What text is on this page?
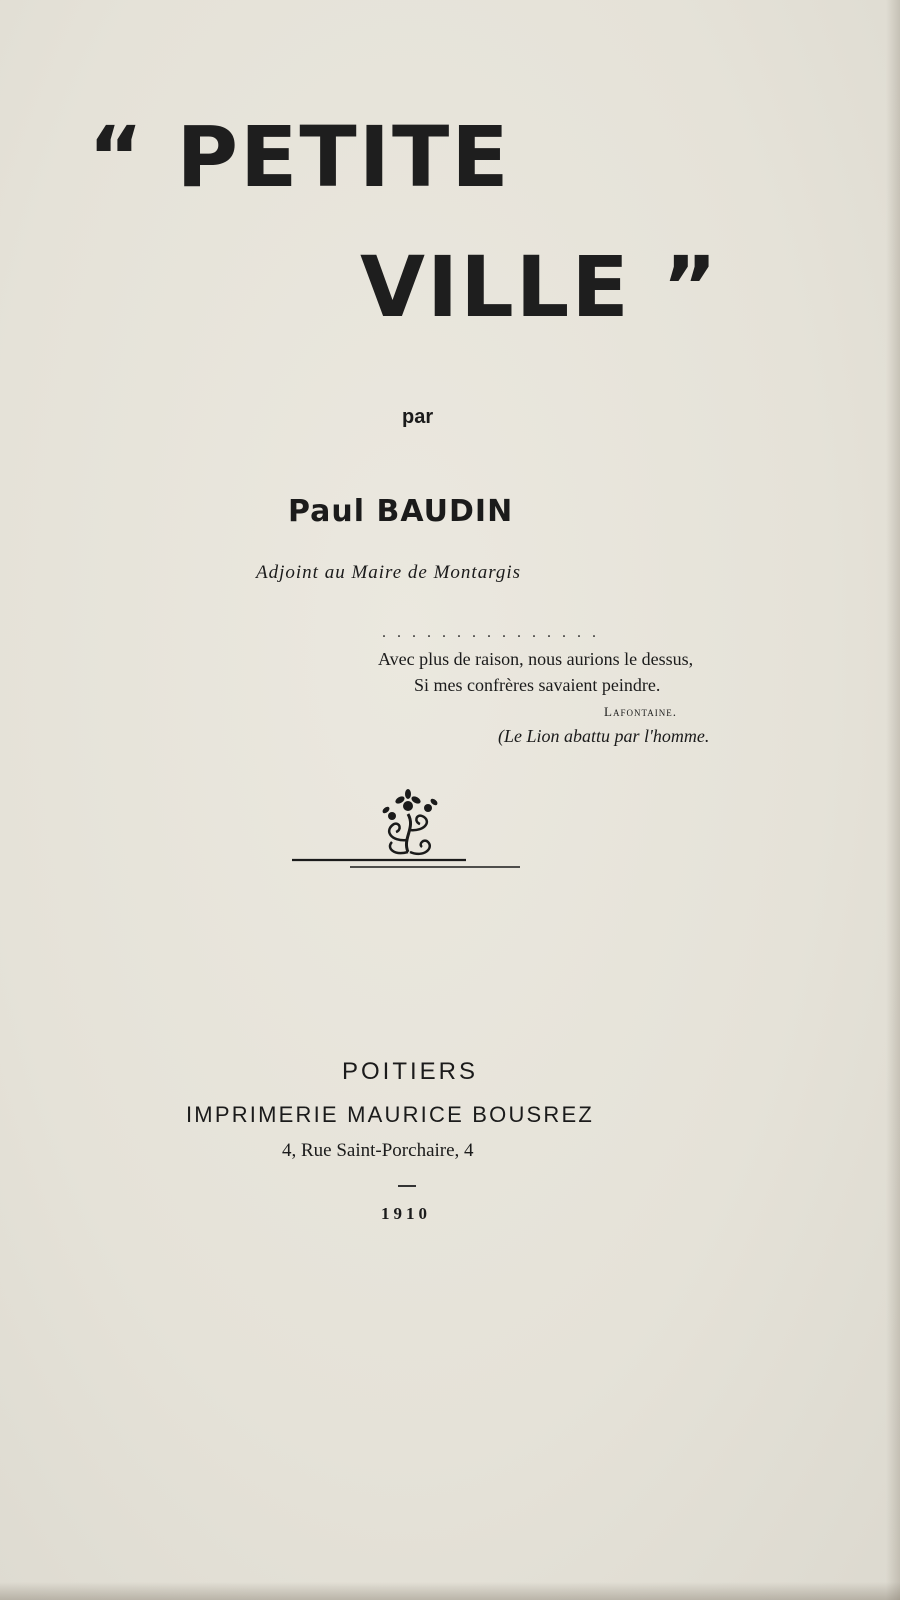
“ PETITE
VILLE ”
par
Paul BAUDIN
Adjoint au Maire de Montargis
...............
Avec plus de raison, nous aurions le dessus,
Si mes confrères savaient peindre.
Lafontaine.
(Le Lion abattu par l'homme.
POITIERS
IMPRIMERIE MAURICE BOUSREZ
4, Rue Saint-Porchaire, 4
1910
